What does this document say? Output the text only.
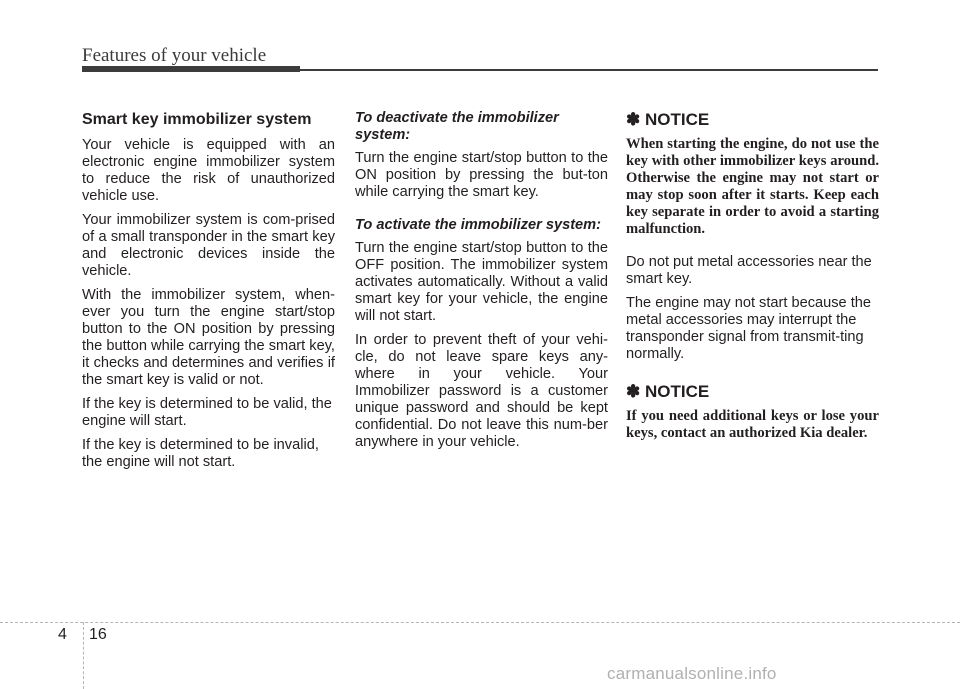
Features of your vehicle
Smart key immobilizer system

Your vehicle is equipped with an electronic engine immobilizer system to reduce the risk of unauthorized vehicle use.

Your immobilizer system is com-prised of a small transponder in the smart key and electronic devices inside the vehicle.

With the immobilizer system, when-ever you turn the engine start/stop button to the ON position by pressing the button while carrying the smart key, it checks and determines and verifies if the smart key is valid or not.

If the key is determined to be valid, the engine will start.

If the key is determined to be invalid, the engine will not start.

To deactivate the immobilizer system:

Turn the engine start/stop button to the ON position by pressing the but-ton while carrying the smart key.

To activate the immobilizer system:

Turn the engine start/stop button to the OFF position. The immobilizer system activates automatically. Without a valid smart key for your vehicle, the engine will not start.

In order to prevent theft of your vehi-cle, do not leave spare keys any-where in your vehicle. Your Immobilizer password is a customer unique password and should be kept confidential. Do not leave this num-ber anywhere in your vehicle.

✽ NOTICE
When starting the engine, do not use the key with other immobilizer keys around. Otherwise the engine may not start or may stop soon after it starts. Keep each key separate in order to avoid a starting malfunction.

Do not put metal accessories near the smart key.

The engine may not start because the metal accessories may interrupt the transponder signal from transmit-ting normally.

✽ NOTICE
If you need additional keys or lose your keys, contact an authorized Kia dealer.
4 16
carmanualsonline.info
